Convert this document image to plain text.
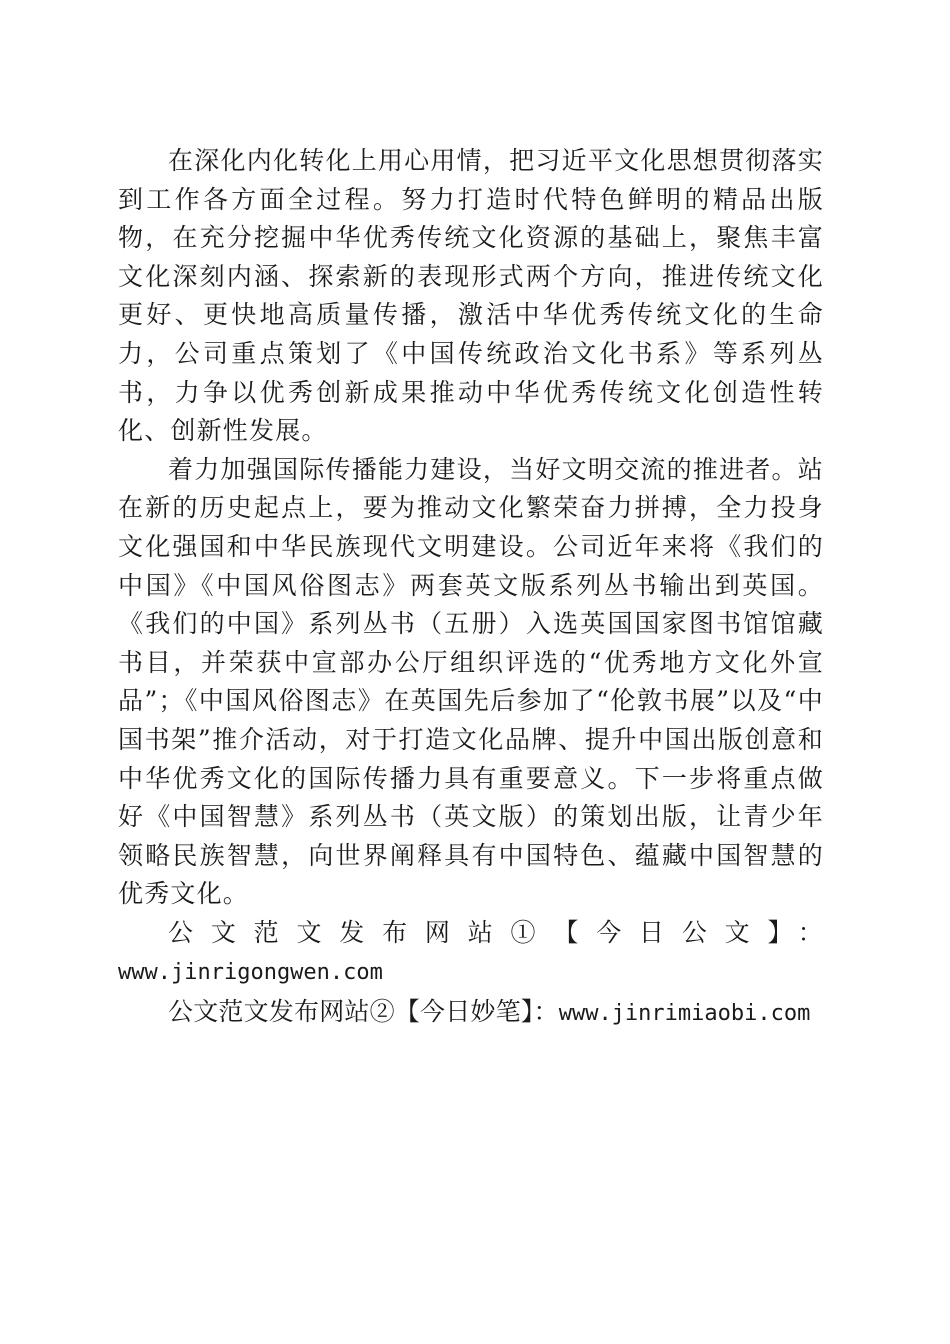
在深化内化转化上用心用情，把习近平文化思想贯彻落实到工作各方面全过程。努力打造时代特色鲜明的精品出版物，在充分挖掘中华优秀传统文化资源的基础上，聚焦丰富文化深刻内涵、探索新的表现形式两个方向，推进传统文化更好、更快地高质量传播，激活中华优秀传统文化的生命力，公司重点策划了《中国传统政治文化书系》等系列丛书，力争以优秀创新成果推动中华优秀传统文化创造性转化、创新性发展。

着力加强国际传播能力建设，当好文明交流的推进者。站在新的历史起点上，要为推动文化繁荣奋力拼搏，全力投身文化强国和中华民族现代文明建设。公司近年来将《我们的中国》《中国风俗图志》两套英文版系列丛书输出到英国。《我们的中国》系列丛书（五册）入选英国国家图书馆馆藏书目，并荣获中宣部办公厅组织评选的“优秀地方文化外宣品”；《中国风俗图志》在英国先后参加了“伦敦书展”以及“中国书架”推介活动，对于打造文化品牌、提升中国出版创意和中华优秀文化的国际传播力具有重要意义。下一步将重点做好《中国智慧》系列丛书（英文版）的策划出版，让青少年领略民族智慧，向世界阐释具有中国特色、蕴藏中国智慧的优秀文化。

公文范文发布网站①【今日公文】：

www.jinrigongwen.com

公文范文发布网站②【今日妙笔】：www.jinrimiaobi.com
